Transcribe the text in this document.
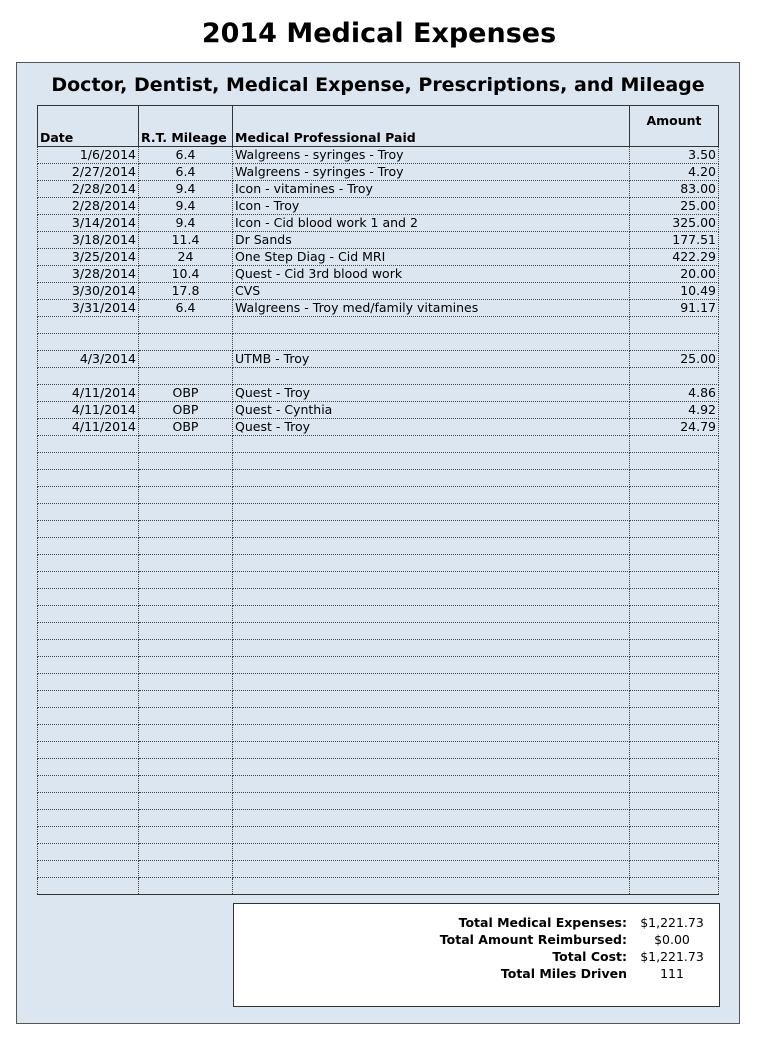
2014 Medical Expenses
Doctor, Dentist, Medical Expense, Prescriptions, and Mileage
Date	R.T. Mileage	Medical Professional Paid	Amount
1/6/2014	6.4	Walgreens - syringes - Troy	3.50
2/27/2014	6.4	Walgreens - syringes - Troy	4.20
2/28/2014	9.4	Icon - vitamines - Troy	83.00
2/28/2014	9.4	Icon - Troy	25.00
3/14/2014	9.4	Icon - Cid blood work 1 and 2	325.00
3/18/2014	11.4	Dr Sands	177.51
3/25/2014	24	One Step Diag - Cid MRI	422.29
3/28/2014	10.4	Quest - Cid 3rd blood work	20.00
3/30/2014	17.8	CVS	10.49
3/31/2014	6.4	Walgreens - Troy med/family vitamines	91.17

4/3/2014		UTMB - Troy	25.00

4/11/2014	OBP	Quest - Troy	4.86
4/11/2014	OBP	Quest - Cynthia	4.92
4/11/2014	OBP	Quest - Troy	24.79

Total Medical Expenses:	$1,221.73
Total Amount Reimbursed:	$0.00
Total Cost:	$1,221.73
Total Miles Driven	111
